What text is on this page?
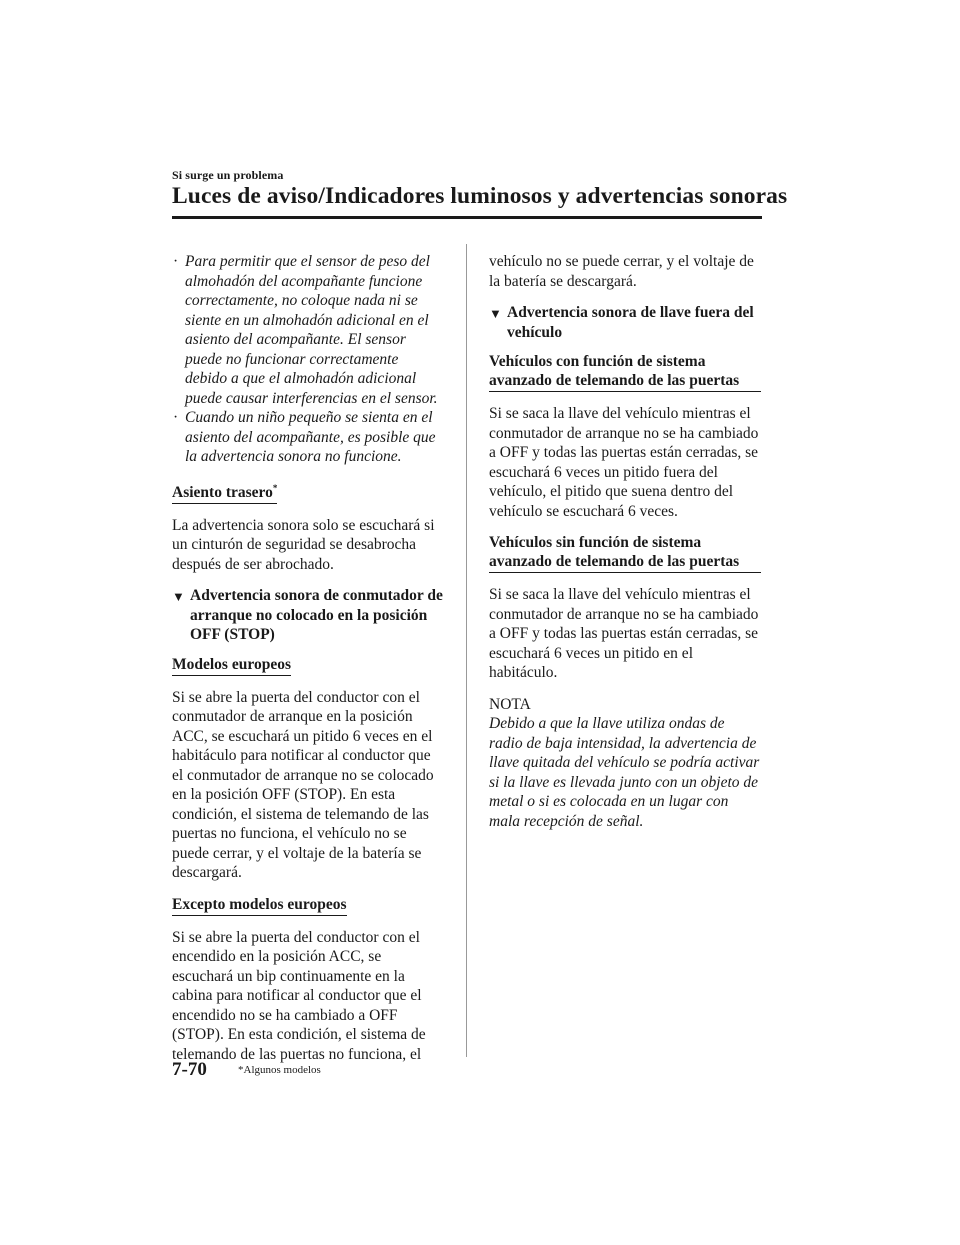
Si surge un problema
Luces de aviso/Indicadores luminosos y advertencias sonoras
· Para permitir que el sensor de peso del almohadón del acompañante funcione correctamente, no coloque nada ni se siente en un almohadón adicional en el asiento del acompañante. El sensor puede no funcionar correctamente debido a que el almohadón adicional puede causar interferencias en el sensor.
· Cuando un niño pequeño se sienta en el asiento del acompañante, es posible que la advertencia sonora no funcione.
Asiento trasero*

La advertencia sonora solo se escuchará si un cinturón de seguridad se desabrocha después de ser abrochado.

▼ Advertencia sonora de conmutador de arranque no colocado en la posición OFF (STOP)
Modelos europeos

Si se abre la puerta del conductor con el conmutador de arranque en la posición ACC, se escuchará un pitido 6 veces en el habitáculo para notificar al conductor que el conmutador de arranque no se colocado en la posición OFF (STOP). En esta condición, el sistema de telemando de las puertas no funciona, el vehículo no se puede cerrar, y el voltaje de la batería se descargará.

Excepto modelos europeos

Si se abre la puerta del conductor con el encendido en la posición ACC, se escuchará un bip continuamente en la cabina para notificar al conductor que el encendido no se ha cambiado a OFF (STOP). En esta condición, el sistema de telemando de las puertas no funciona, el

vehículo no se puede cerrar, y el voltaje de la batería se descargará.

▼ Advertencia sonora de llave fuera del vehículo
Vehículos con función de sistema avanzado de telemando de las puertas

Si se saca la llave del vehículo mientras el conmutador de arranque no se ha cambiado a OFF y todas las puertas están cerradas, se escuchará 6 veces un pitido fuera del vehículo, el pitido que suena dentro del vehículo se escuchará 6 veces.

Vehículos sin función de sistema avanzado de telemando de las puertas

Si se saca la llave del vehículo mientras el conmutador de arranque no se ha cambiado a OFF y todas las puertas están cerradas, se escuchará 6 veces un pitido en el habitáculo.

NOTA

Debido a que la llave utiliza ondas de radio de baja intensidad, la advertencia de llave quitada del vehículo se podría activar si la llave es llevada junto con un objeto de metal o si es colocada en un lugar con mala recepción de señal.

7-70	*Algunos modelos
